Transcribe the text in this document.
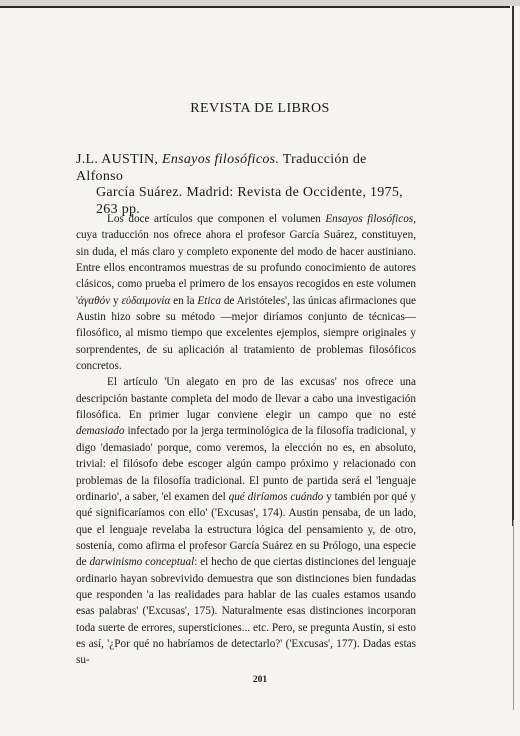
REVISTA DE LIBROS
J.L. AUSTIN, Ensayos filosóficos. Traducción de Alfonso
García Suárez. Madrid: Revista de Occidente, 1975,
263 pp.

Los doce artículos que componen el volumen Ensayos filosóficos, cuya traducción nos ofrece ahora el profesor García Suárez, constituyen, sin duda, el más claro y completo exponente del modo de hacer austiniano. Entre ellos encontramos muestras de su profundo conocimiento de autores clásicos, como prueba el primero de los ensayos recogidos en este volumen 'ἀγαθόν y εὐδαιμονία en la Etica de Aristóteles', las únicas afirmaciones que Austin hizo sobre su método —mejor diríamos conjunto de técnicas— filosófico, al mismo tiempo que excelentes ejemplos, siempre originales y sorprendentes, de su aplicación al tratamiento de problemas filosóficos concretos.

El artículo 'Un alegato en pro de las excusas' nos ofrece una descripción bastante completa del modo de llevar a cabo una investigación filosófica. En primer lugar conviene elegir un campo que no esté demasiado infectado por la jerga terminológica de la filosofía tradicional, y digo 'demasiado' porque, como veremos, la elección no es, en absoluto, trivial: el filósofo debe escoger algún campo próximo y relacionado con problemas de la filosofía tradicional. El punto de partida será el 'lenguaje ordinario', a saber, 'el examen del qué diríamos cuándo y también por qué y qué significaríamos con ello' ('Excusas', 174). Austin pensaba, de un lado, que el lenguaje revelaba la estructura lógica del pensamiento y, de otro, sostenía, como afirma el profesor García Suárez en su Prólogo, una especie de darwinismo conceptual: el hecho de que ciertas distinciones del lenguaje ordinario hayan sobrevivido demuestra que son distinciones bien fundadas que responden 'a las realidades para hablar de las cuales estamos usando esas palabras' ('Excusas', 175). Naturalmente esas distinciones incorporan toda suerte de errores, supersticiones... etc. Pero, se pregunta Austin, si esto es así, '¿Por qué no habríamos de detectarlo?' ('Excusas', 177). Dadas estas su-

201
